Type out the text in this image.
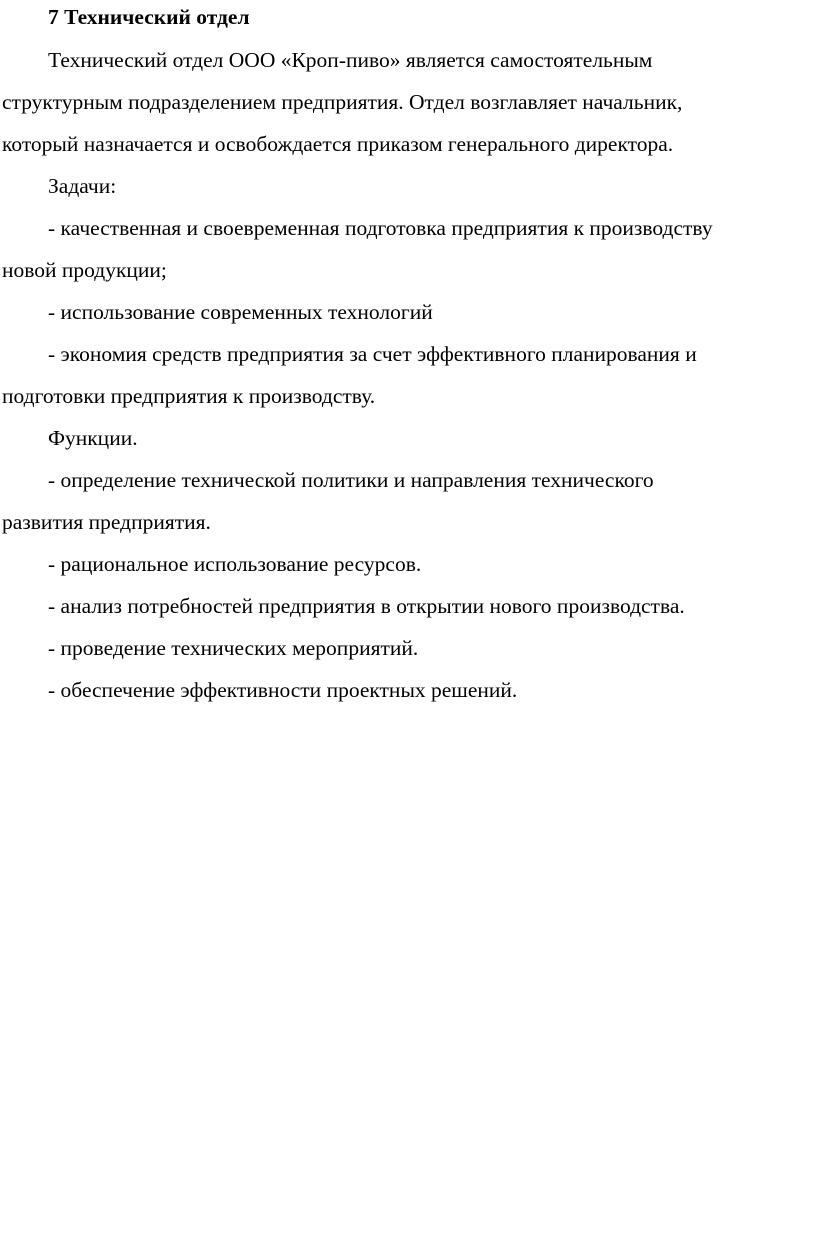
7 Технический отдел
Технический отдел ООО «Кроп-пиво» является самостоятельным
структурным подразделением предприятия. Отдел возглавляет начальник,
который назначается и освобождается приказом генерального директора.
Задачи:
- качественная и своевременная подготовка предприятия к производству
новой продукции;
- использование современных технологий
- экономия средств предприятия за счет эффективного планирования и
подготовки предприятия к производству.
Функции.
- определение технической политики и направления технического
развития предприятия.
- рациональное использование ресурсов.
- анализ потребностей предприятия в открытии нового производства.
- проведение технических мероприятий.
- обеспечение эффективности проектных решений.
